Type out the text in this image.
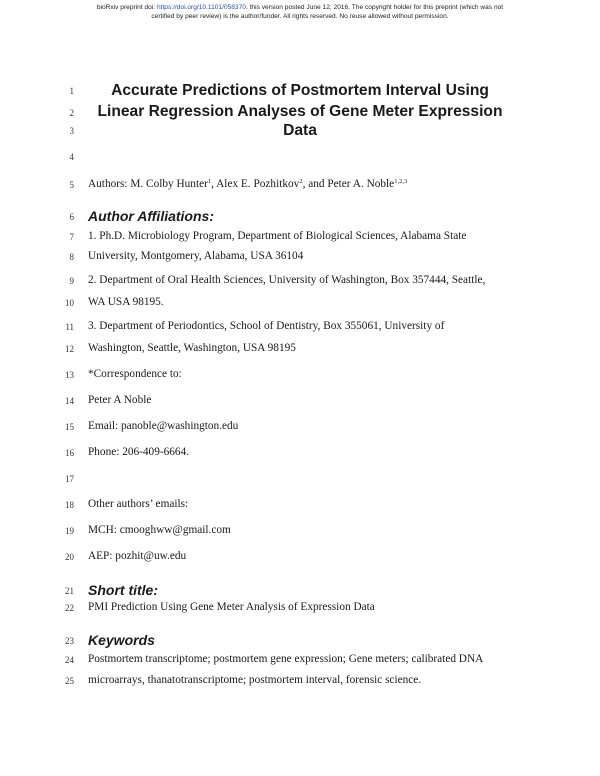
bioRxiv preprint doi: https://doi.org/10.1101/058370. this version posted June 12, 2016. The copyright holder for this preprint (which was not
certified by peer review) is the author/funder. All rights reserved. No reuse allowed without permission.
1
2
3
4
5
6
7
8
9
10
11
12
13
14
15
16
17
18
19
20
21
22
23
24
25
Accurate Predictions of Postmortem Interval Using
Linear Regression Analyses of Gene Meter Expression
Data
Authors: M. Colby Hunter$^1$, Alex E. Pozhitkov$^2$, and Peter A. Noble$^{1,2,3}$
Author Affiliations:
1. Ph.D. Microbiology Program, Department of Biological Sciences, Alabama State
University, Montgomery, Alabama, USA 36104
2. Department of Oral Health Sciences, University of Washington, Box 357444, Seattle,
WA USA 98195.
3. Department of Periodontics, School of Dentistry, Box 355061, University of
Washington, Seattle, Washington, USA 98195
*Correspondence to:
Peter A Noble
Email: panoble@washington.edu
Phone: 206-409-6664.
Other authors’ emails:
MCH: cmooghww@gmail.com
AEP: pozhit@uw.edu
Short title:
PMI Prediction Using Gene Meter Analysis of Expression Data
Keywords
Postmortem transcriptome; postmortem gene expression; Gene meters; calibrated DNA
microarrays, thanatotranscriptome; postmortem interval, forensic science.
